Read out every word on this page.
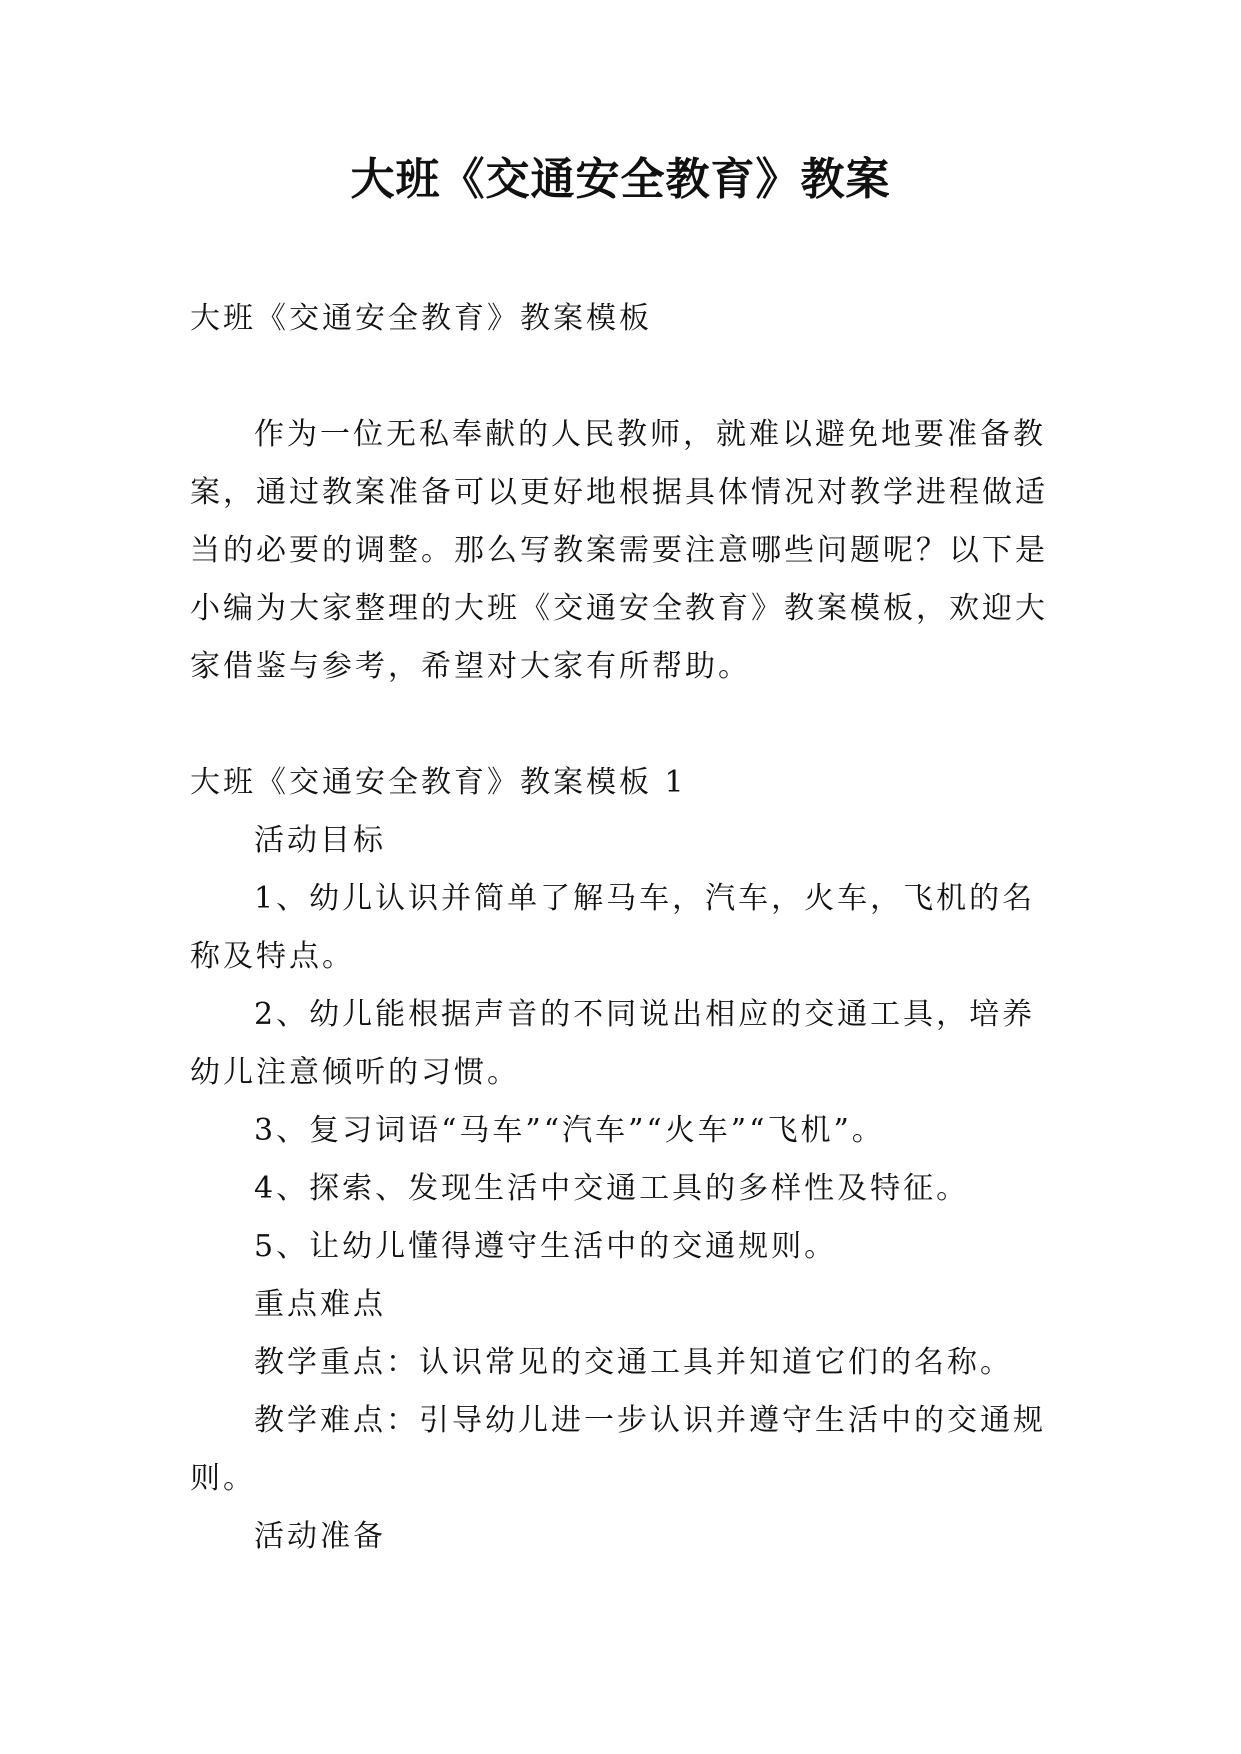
大班《交通安全教育》教案

大班《交通安全教育》教案模板

作为一位无私奉献的人民教师，就难以避免地要准备教案，通过教案准备可以更好地根据具体情况对教学进程做适当的必要的调整。那么写教案需要注意哪些问题呢？以下是小编为大家整理的大班《交通安全教育》教案模板，欢迎大家借鉴与参考，希望对大家有所帮助。

大班《交通安全教育》教案模板 1

活动目标

1、幼儿认识并简单了解马车，汽车，火车，飞机的名称及特点。

2、幼儿能根据声音的不同说出相应的交通工具，培养幼儿注意倾听的习惯。

3、复习词语“马车”“汽车”“火车”“飞机”。

4、探索、发现生活中交通工具的多样性及特征。

5、让幼儿懂得遵守生活中的交通规则。

重点难点

教学重点：认识常见的交通工具并知道它们的名称。

教学难点：引导幼儿进一步认识并遵守生活中的交通规则。

活动准备
